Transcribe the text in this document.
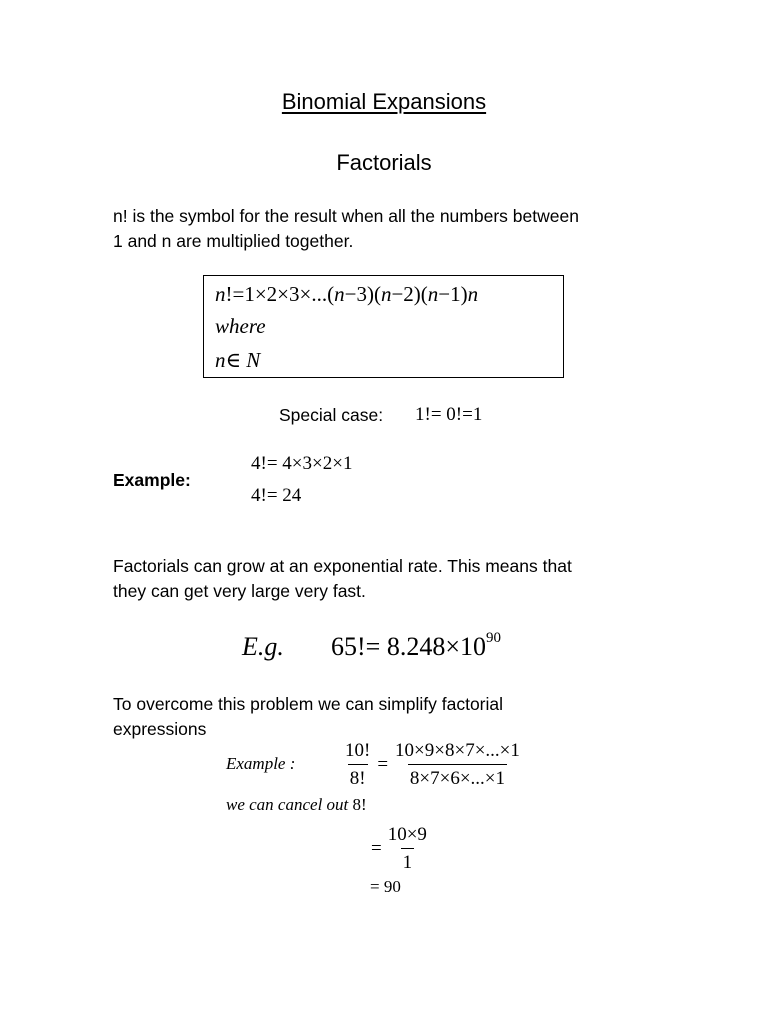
Binomial Expansions
Factorials
n! is the symbol for the result when all the numbers between
1 and n are multiplied together.
n!=1×2×3×...(n−3)(n−2)(n−1)n
where
n∈ N
Special case: 1!= 0!=1
Example:
4!= 4×3×2×1
4!= 24
Factorials can grow at an exponential rate. This means that
they can get very large very fast.
E.g. $65!= 8.248\times 10^{90}$
To overcome this problem we can simplify factorial
expressions
Example :	$\frac{10!}{8!} = \frac{10\times 9\times 8\times 7\times...\times 1}{8\times 7\times 6\times...\times 1}$
we can cancel out 8!
= $\frac{10\times 9}{1}$
= 90
